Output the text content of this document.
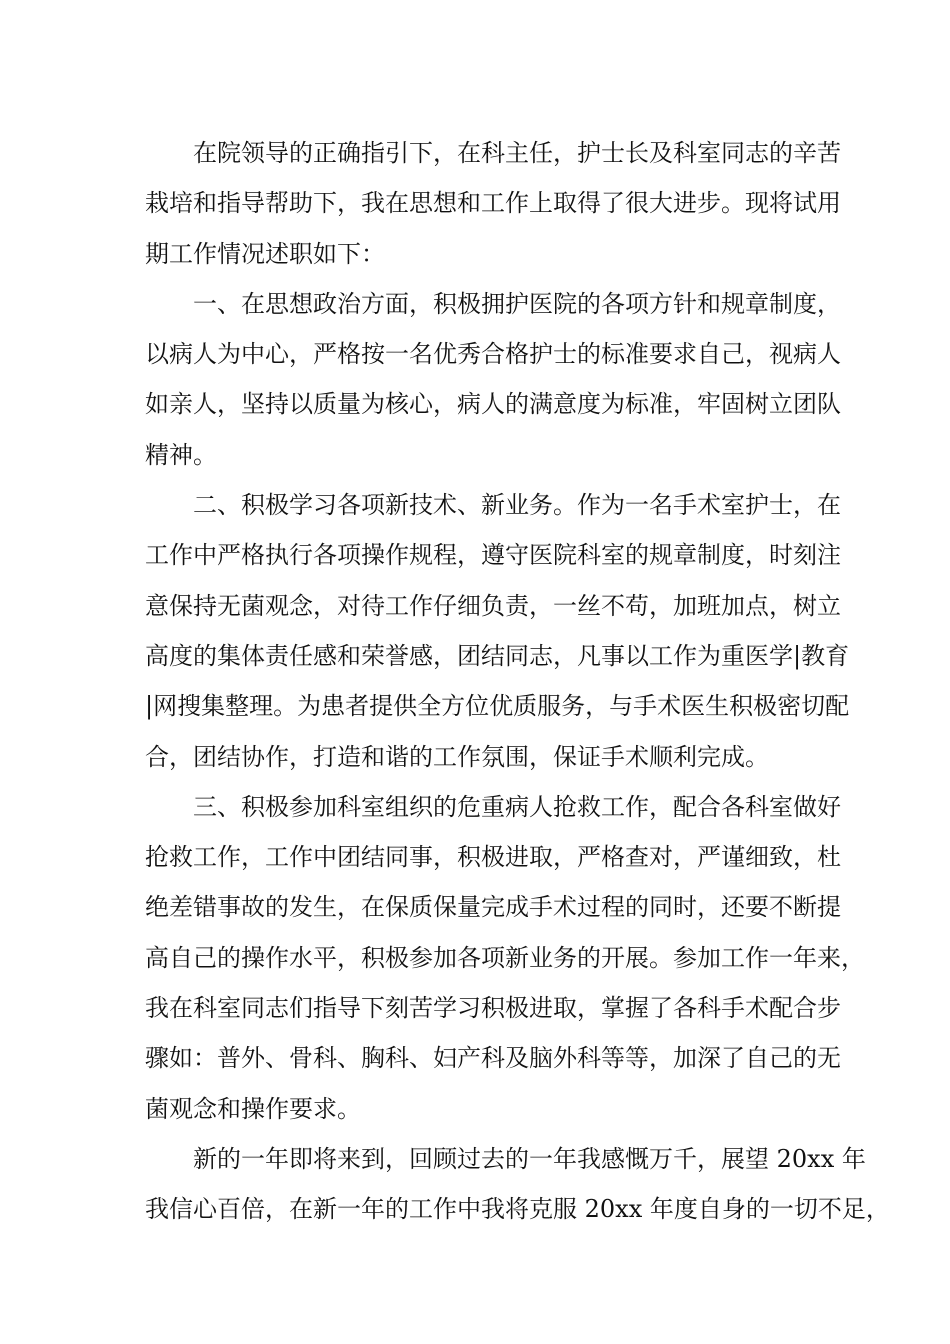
在院领导的正确指引下，在科主任，护士长及科室同志的辛苦
栽培和指导帮助下，我在思想和工作上取得了很大进步。现将试用
期工作情况述职如下：
一、在思想政治方面，积极拥护医院的各项方针和规章制度，
以病人为中心，严格按一名优秀合格护士的标准要求自己，视病人
如亲人，坚持以质量为核心，病人的满意度为标准，牢固树立团队
精神。
二、积极学习各项新技术、新业务。作为一名手术室护士，在
工作中严格执行各项操作规程，遵守医院科室的规章制度，时刻注
意保持无菌观念，对待工作仔细负责，一丝不苟，加班加点，树立
高度的集体责任感和荣誉感，团结同志，凡事以工作为重医学|教育
|网搜集整理。为患者提供全方位优质服务，与手术医生积极密切配
合，团结协作，打造和谐的工作氛围，保证手术顺利完成。
三、积极参加科室组织的危重病人抢救工作，配合各科室做好
抢救工作，工作中团结同事，积极进取，严格查对，严谨细致，杜
绝差错事故的发生，在保质保量完成手术过程的同时，还要不断提
高自己的操作水平，积极参加各项新业务的开展。参加工作一年来，
我在科室同志们指导下刻苦学习积极进取，掌握了各科手术配合步
骤如：普外、骨科、胸科、妇产科及脑外科等等，加深了自己的无
菌观念和操作要求。
新的一年即将来到，回顾过去的一年我感慨万千，展望 20xx 年
我信心百倍，在新一年的工作中我将克服 20xx 年度自身的一切不足，
